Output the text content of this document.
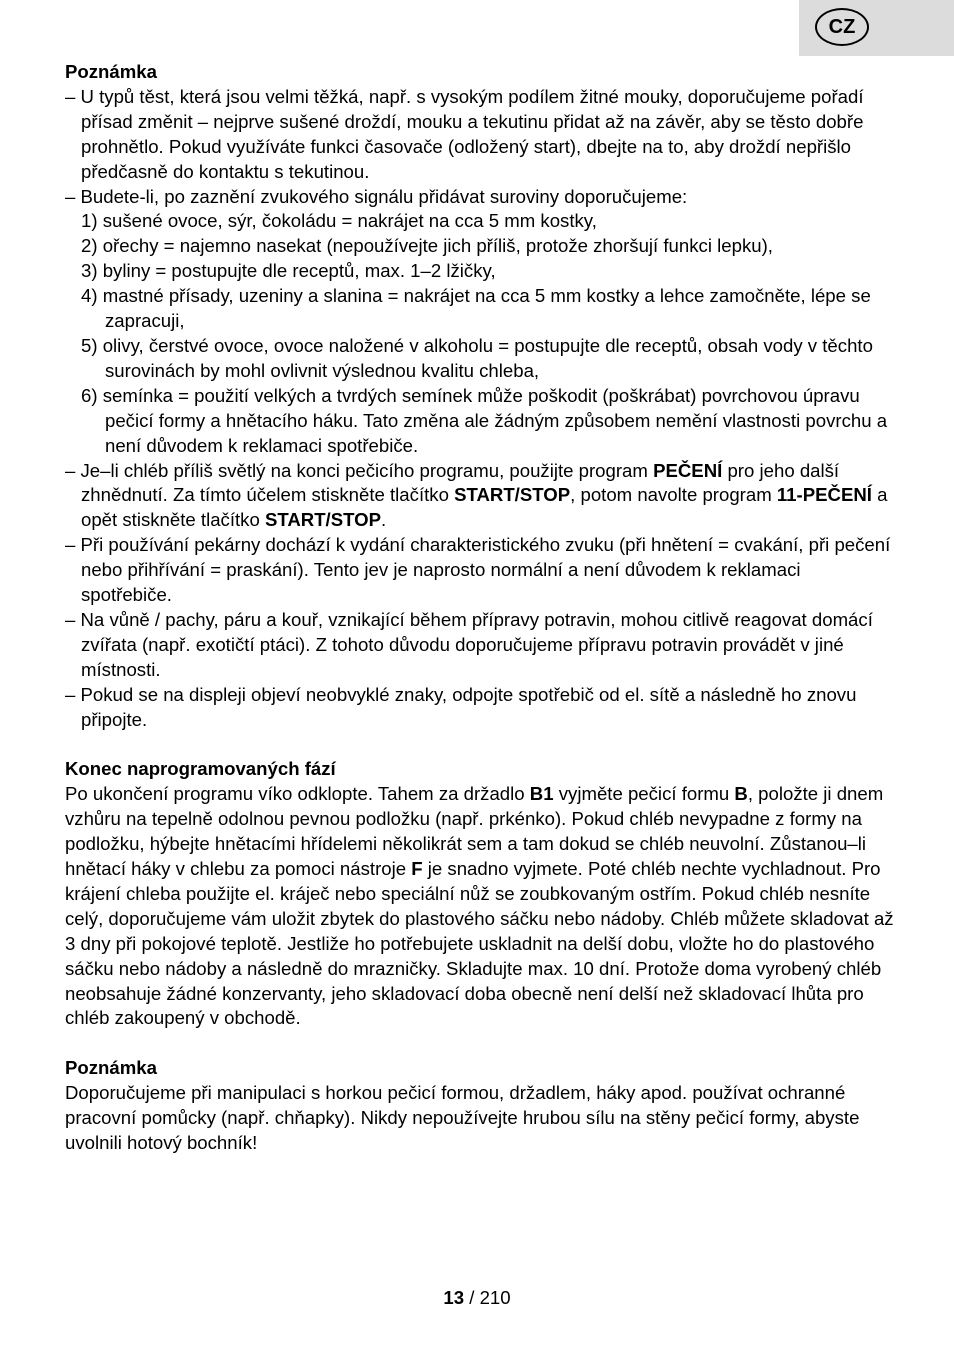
CZ

Poznámka

– U typů těst, která jsou velmi těžká, např. s vysokým podílem žitné mouky, doporučujeme pořadí přísad změnit – nejprve sušené droždí, mouku a tekutinu přidat až na závěr, aby se těsto dobře prohnětlo. Pokud využíváte funkci časovače (odložený start), dbejte na to, aby droždí nepřišlo předčasně do kontaktu s tekutinou.

– Budete-li, po zaznění zvukového signálu přidávat suroviny doporučujeme:

1) sušené ovoce, sýr, čokoládu = nakrájet na cca 5 mm kostky,

2) ořechy = najemno nasekat (nepoužívejte jich příliš, protože zhoršují funkci lepku),

3) byliny = postupujte dle receptů, max. 1–2 lžičky,

4) mastné přísady, uzeniny a slanina = nakrájet na cca 5 mm kostky a lehce zamočněte, lépe se zapracuji,

5) olivy, čerstvé ovoce, ovoce naložené v alkoholu = postupujte dle receptů, obsah vody v těchto surovinách by mohl ovlivnit výslednou kvalitu chleba,

6) semínka = použití velkých a tvrdých semínek může poškodit (poškrábat) povrchovou úpravu pečicí formy a hnětacího háku. Tato změna ale žádným způsobem nemění vlastnosti povrchu a není důvodem k reklamaci spotřebiče.

– Je–li chléb příliš světlý na konci pečicího programu, použijte program PEČENÍ pro jeho další zhnědnutí. Za tímto účelem stiskněte tlačítko START/STOP, potom navolte program 11-PEČENÍ a opět stiskněte tlačítko START/STOP.

– Při používání pekárny dochází k vydání charakteristického zvuku (při hnětení = cvakání, při pečení nebo přihřívání = praskání). Tento jev je naprosto normální a není důvodem k reklamaci spotřebiče.

– Na vůně / pachy, páru a kouř, vznikající během přípravy potravin, mohou citlivě reagovat domácí zvířata (např. exotičtí ptáci). Z tohoto důvodu doporučujeme přípravu potravin provádět v jiné místnosti.

– Pokud se na displeji objeví neobvyklé znaky, odpojte spotřebič od el. sítě a následně ho znovu připojte.

Konec naprogramovaných fází

Po ukončení programu víko odklopte. Tahem za držadlo B1 vyjměte pečicí formu B, položte ji dnem vzhůru na tepelně odolnou pevnou podložku (např. prkénko). Pokud chléb nevypadne z formy na podložku, hýbejte hnětacími hřídelemi několikrát sem a tam dokud se chléb neuvolní. Zůstanou–li hnětací háky v chlebu za pomoci nástroje F je snadno vyjmete. Poté chléb nechte vychladnout. Pro krájení chleba použijte el. kráječ nebo speciální nůž se zoubkovaným ostřím. Pokud chléb nesníte celý, doporučujeme vám uložit zbytek do plastového sáčku nebo nádoby. Chléb můžete skladovat až 3 dny při pokojové teplotě. Jestliže ho potřebujete uskladnit na delší dobu, vložte ho do plastového sáčku nebo nádoby a následně do mrazničky. Skladujte max. 10 dní. Protože doma vyrobený chléb neobsahuje žádné konzervanty, jeho skladovací doba obecně není delší než skladovací lhůta pro chléb zakoupený v obchodě.

Poznámka

Doporučujeme při manipulaci s horkou pečicí formou, držadlem, háky apod. používat ochranné pracovní pomůcky (např. chňapky). Nikdy nepoužívejte hrubou sílu na stěny pečicí formy, abyste uvolnili hotový bochník!

13 / 210
